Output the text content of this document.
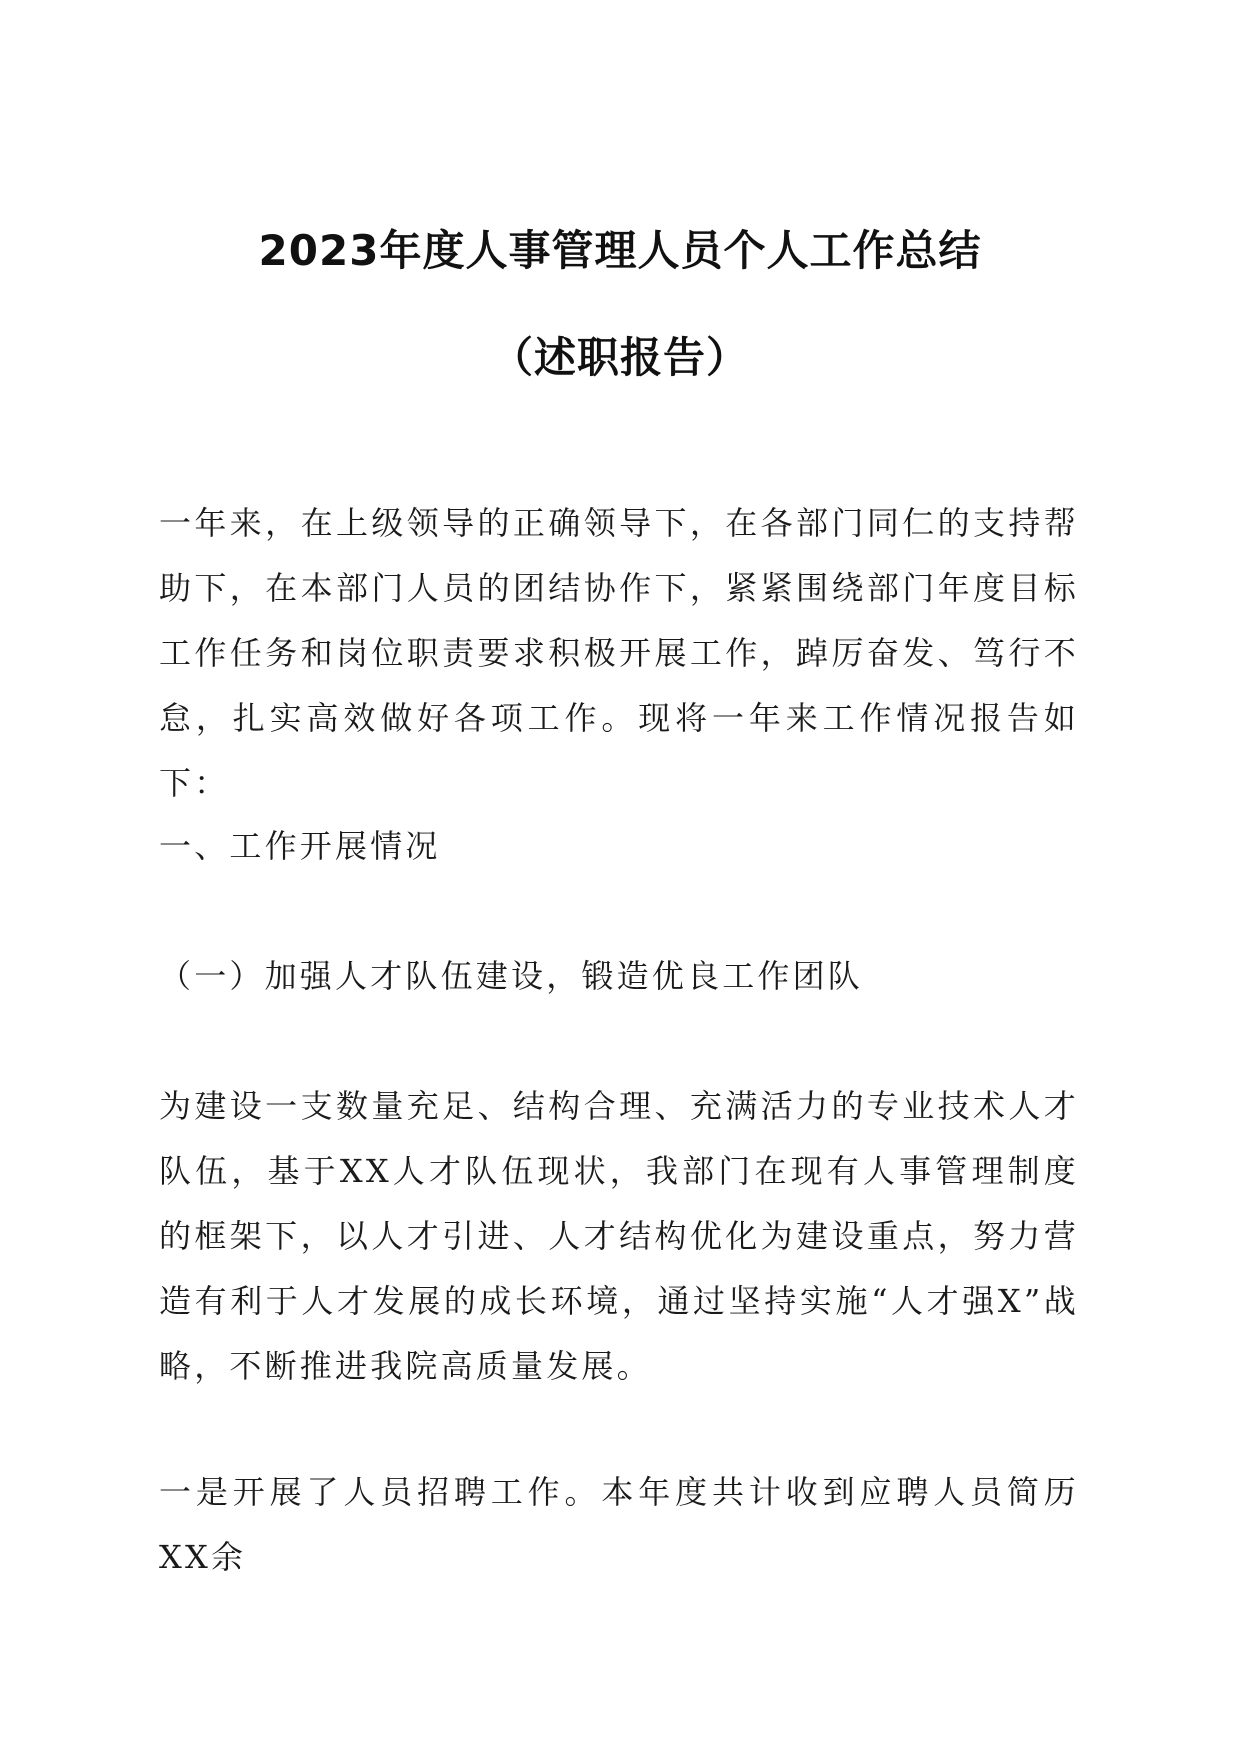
2023年度人事管理人员个人工作总结
（述职报告）

一年来，在上级领导的正确领导下，在各部门同仁的支持帮助下，在本部门人员的团结协作下，紧紧围绕部门年度目标工作任务和岗位职责要求积极开展工作，踔厉奋发、笃行不怠，扎实高效做好各项工作。现将一年来工作情况报告如下：

一、工作开展情况

（一）加强人才队伍建设，锻造优良工作团队

为建设一支数量充足、结构合理、充满活力的专业技术人才队伍，基于XX人才队伍现状，我部门在现有人事管理制度的框架下，以人才引进、人才结构优化为建设重点，努力营造有利于人才发展的成长环境，通过坚持实施“人才强X”战略，不断推进我院高质量发展。

一是开展了人员招聘工作。本年度共计收到应聘人员简历XX余
